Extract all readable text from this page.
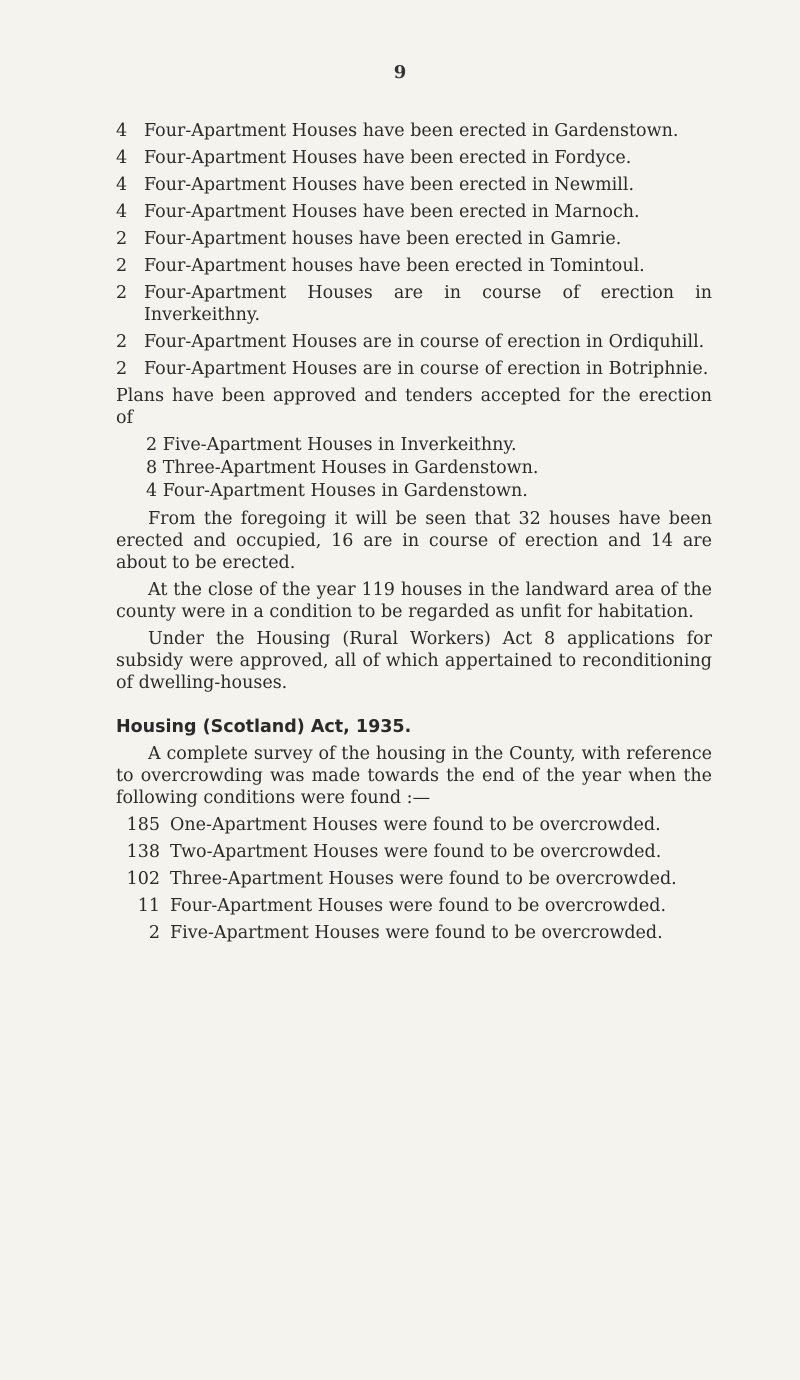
9
4 Four-Apartment Houses have been erected in Gardenstown.
4 Four-Apartment Houses have been erected in Fordyce.
4 Four-Apartment Houses have been erected in Newmill.
4 Four-Apartment Houses have been erected in Marnoch.
2 Four-Apartment houses have been erected in Gamrie.
2 Four-Apartment houses have been erected in Tomintoul.
2 Four-Apartment Houses are in course of erection in Inverkeithny.
2 Four-Apartment Houses are in course of erection in Ordiquhill.
2 Four-Apartment Houses are in course of erection in Botriphnie.

Plans have been approved and tenders accepted for the erection of

2 Five-Apartment Houses in Inverkeithny.
8 Three-Apartment Houses in Gardenstown.
4 Four-Apartment Houses in Gardenstown.

From the foregoing it will be seen that 32 houses have been erected and occupied, 16 are in course of erection and 14 are about to be erected.

At the close of the year 119 houses in the landward area of the county were in a condition to be regarded as unfit for habitation.

Under the Housing (Rural Workers) Act 8 applications for subsidy were approved, all of which appertained to reconditioning of dwelling-houses.

Housing (Scotland) Act, 1935.

A complete survey of the housing in the County, with reference to overcrowding was made towards the end of the year when the following conditions were found :—

185 One-Apartment Houses were found to be overcrowded.
138 Two-Apartment Houses were found to be overcrowded.
102 Three-Apartment Houses were found to be overcrowded.
11 Four-Apartment Houses were found to be overcrowded.
2 Five-Apartment Houses were found to be overcrowded.
